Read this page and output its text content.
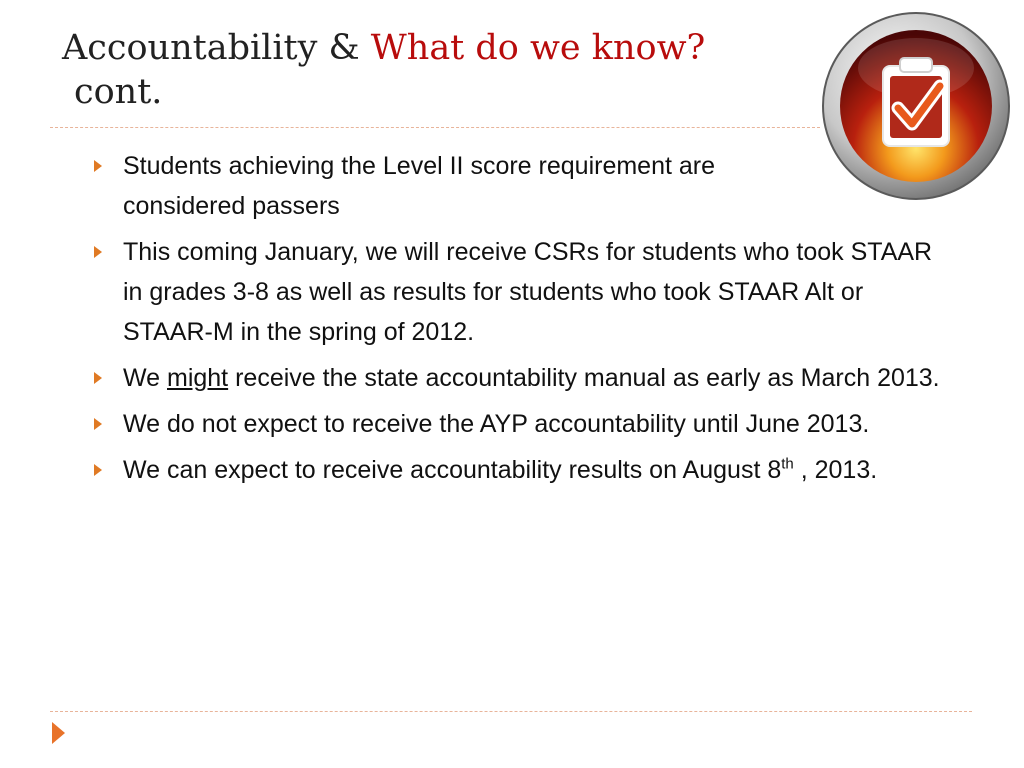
Accountability & What do we know?
cont.
Students achieving the Level II score requirement are considered passers
This coming January, we will receive CSRs for students who took STAAR in grades 3-8 as well as results for students who took STAAR Alt or STAAR-M in the spring of 2012.
We might receive the state accountability manual as early as March 2013.
We do not expect to receive the AYP accountability until June 2013.
We can expect to receive accountability results on August 8th , 2013.
